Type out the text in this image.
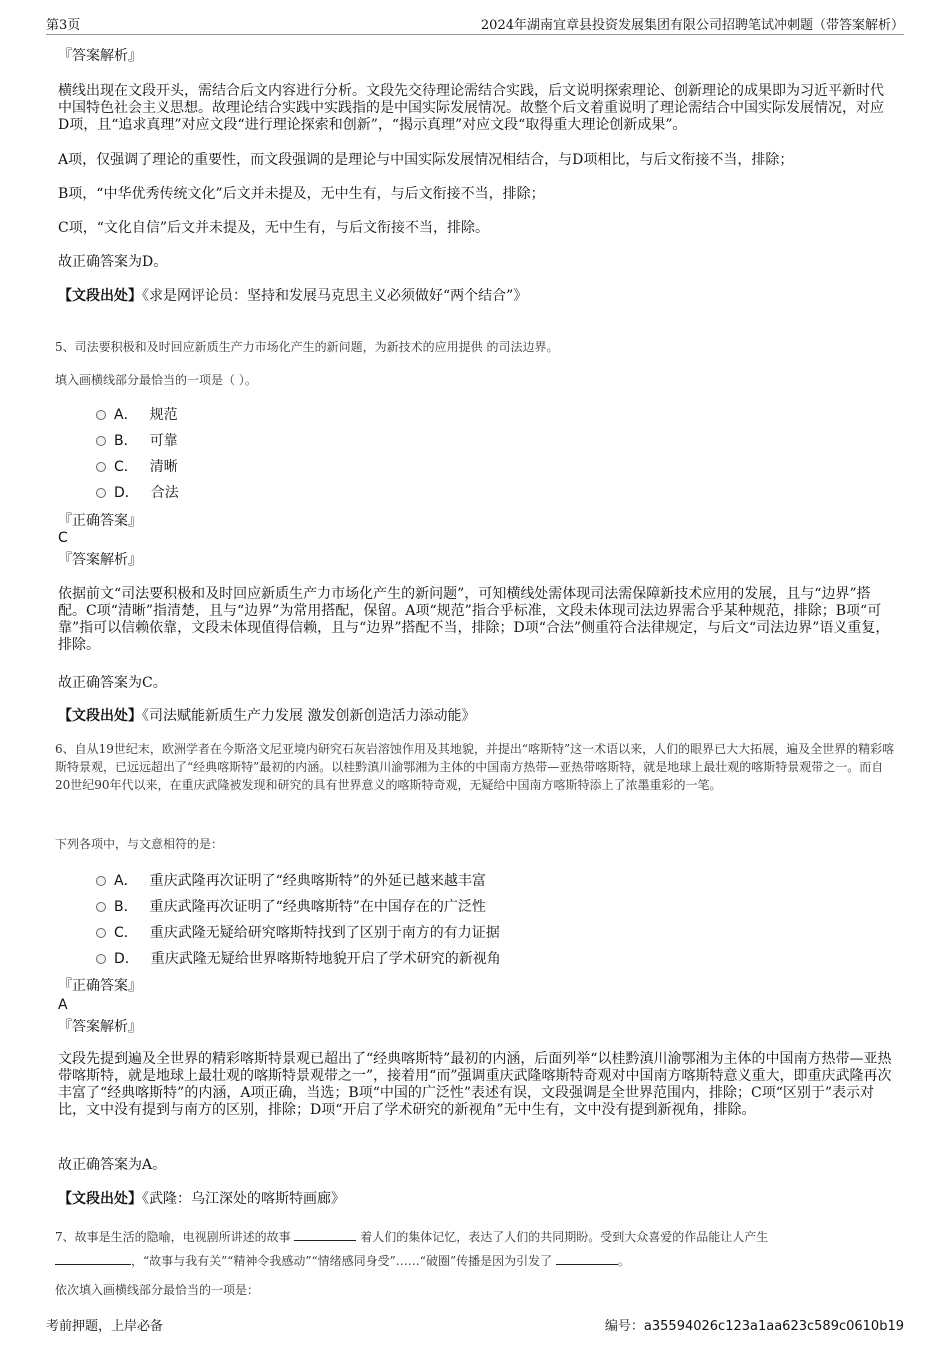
第3页	2024年湖南宜章县投资发展集团有限公司招聘笔试冲刺题（带答案解析）
『答案解析』
横线出现在文段开头，需结合后文内容进行分析。文段先交待理论需结合实践，后文说明探索理论、创新理论的成果即为习近平新时代中国特色社会主义思想。故理论结合实践中实践指的是中国实际发展情况。故整个后文着重说明了理论需结合中国实际发展情况，对应D项，且“追求真理”对应文段“进行理论探索和创新”，“揭示真理”对应文段“取得重大理论创新成果”。
A项，仅强调了理论的重要性，而文段强调的是理论与中国实际发展情况相结合，与D项相比，与后文衔接不当，排除；
B项，“中华优秀传统文化”后文并未提及，无中生有，与后文衔接不当，排除；
C项，“文化自信”后文并未提及，无中生有，与后文衔接不当，排除。
故正确答案为D。
【文段出处】《求是网评论员：坚持和发展马克思主义必须做好“两个结合”》
5、司法要积极和及时回应新质生产力市场化产生的新问题，为新技术的应用提供 的司法边界。
填入画横线部分最恰当的一项是（ ）。
A． 规范
B． 可靠
C． 清晰
D． 合法
『正确答案』
C
『答案解析』
依据前文“司法要积极和及时回应新质生产力市场化产生的新问题”，可知横线处需体现司法需保障新技术应用的发展，且与“边界”搭配。C项“清晰”指清楚，且与“边界”为常用搭配，保留。A项“规范”指合乎标准，文段未体现司法边界需合乎某种规范，排除；B项“可靠”指可以信赖依靠，文段未体现值得信赖，且与“边界”搭配不当，排除；D项“合法”侧重符合法律规定，与后文“司法边界”语义重复，排除。
故正确答案为C。
【文段出处】《司法赋能新质生产力发展 激发创新创造活力添动能》
6、自从19世纪末，欧洲学者在今斯洛文尼亚境内研究石灰岩溶蚀作用及其地貌，并提出“喀斯特”这一术语以来，人们的眼界已大大拓展，遍及全世界的精彩喀斯特景观，已远远超出了“经典喀斯特”最初的内涵。以桂黔滇川渝鄂湘为主体的中国南方热带—亚热带喀斯特，就是地球上最壮观的喀斯特景观带之一。而自20世纪90年代以来，在重庆武隆被发现和研究的具有世界意义的喀斯特奇观，无疑给中国南方喀斯特添上了浓墨重彩的一笔。
下列各项中，与文意相符的是：
A． 重庆武隆再次证明了“经典喀斯特”的外延已越来越丰富
B． 重庆武隆再次证明了“经典喀斯特”在中国存在的广泛性
C． 重庆武隆无疑给研究喀斯特找到了区别于南方的有力证据
D． 重庆武隆无疑给世界喀斯特地貌开启了学术研究的新视角
『正确答案』
A
『答案解析』
文段先提到遍及全世界的精彩喀斯特景观已超出了“经典喀斯特”最初的内涵，后面列举“以桂黔滇川渝鄂湘为主体的中国南方热带—亚热带喀斯特，就是地球上最壮观的喀斯特景观带之一”，接着用“而”强调重庆武隆喀斯特奇观对中国南方喀斯特意义重大，即重庆武隆再次丰富了“经典喀斯特”的内涵，A项正确，当选；B项“中国的广泛性”表述有误，文段强调是全世界范围内，排除；C项“区别于”表示对比，文中没有提到与南方的区别，排除；D项“开启了学术研究的新视角”无中生有，文中没有提到新视角，排除。
故正确答案为A。
【文段出处】《武隆：乌江深处的喀斯特画廊》
7、故事是生活的隐喻，电视剧所讲述的故事	着人们的集体记忆，表达了人们的共同期盼。受到大众喜爱的作品能让人产生
，“故事与我有关”“精神令我感动”“情绪感同身受”……“破圈”传播是因为引发了	。
依次填入画横线部分最恰当的一项是：
考前押题，上岸必备	编号：a35594026c123a1aa623c589c0610b19
